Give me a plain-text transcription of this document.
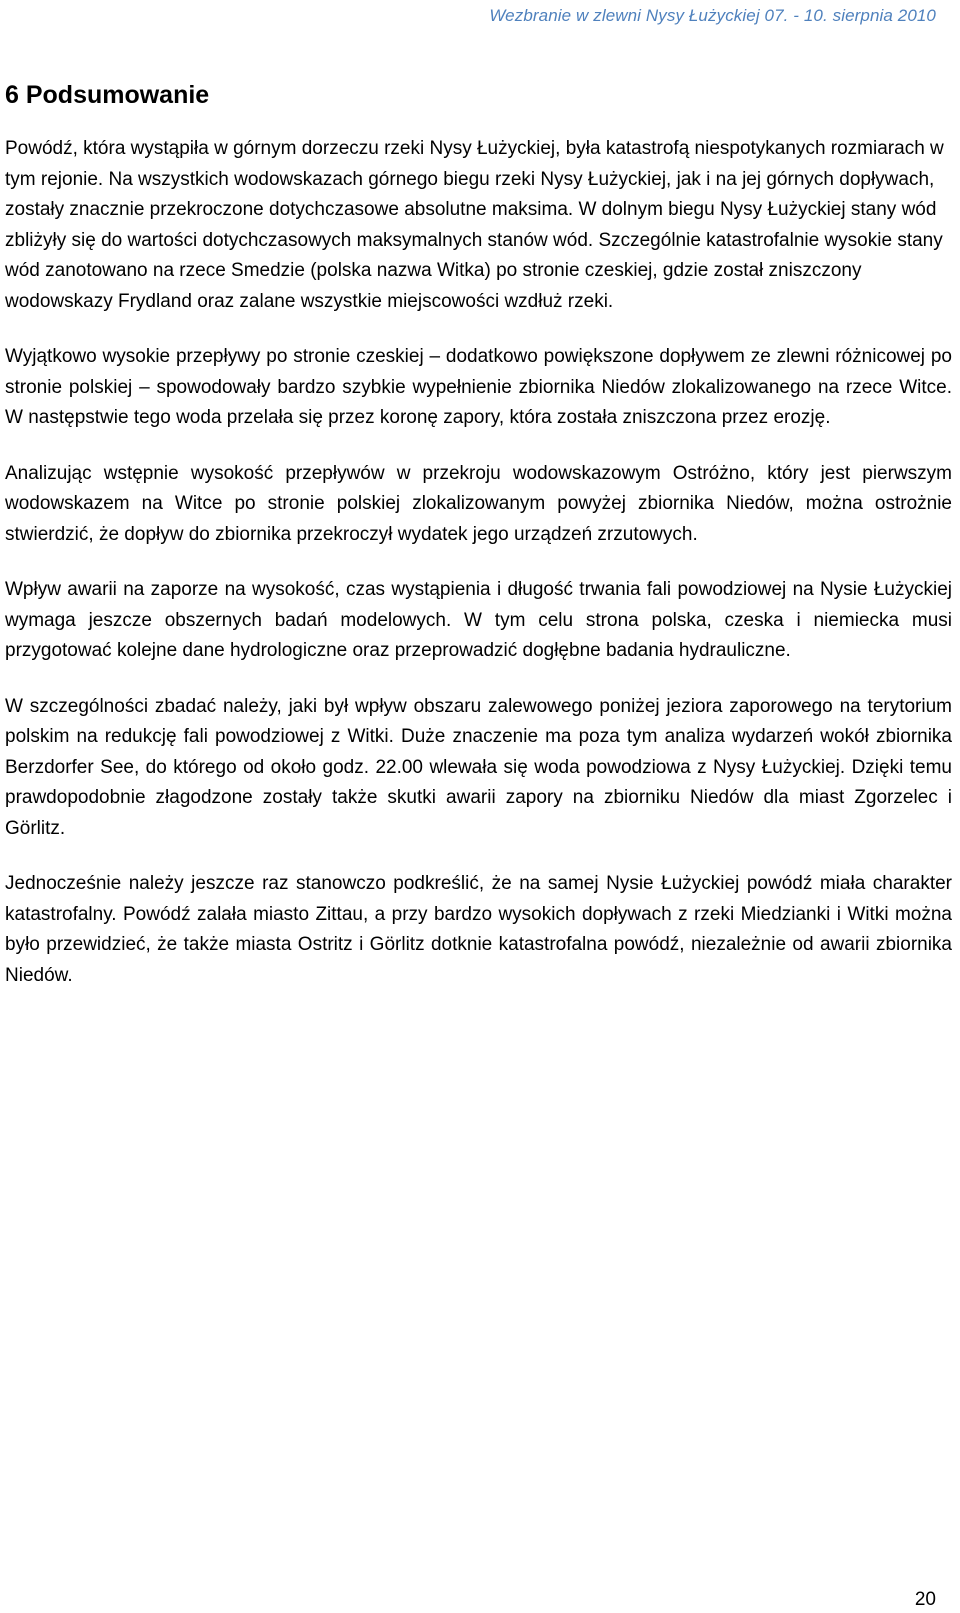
Wezbranie w zlewni Nysy Łużyckiej 07. - 10. sierpnia 2010
6 Podsumowanie

Powódź, która wystąpiła w górnym dorzeczu rzeki Nysy Łużyckiej, była katastrofą niespotykanych rozmiarach w tym rejonie. Na wszystkich wodowskazach górnego biegu rzeki Nysy Łużyckiej, jak i na jej górnych dopływach, zostały znacznie przekroczone dotychczasowe absolutne maksima. W dolnym biegu Nysy Łużyckiej stany wód zbliżyły się do wartości dotychczasowych maksymalnych stanów wód. Szczególnie katastrofalnie wysokie stany wód zanotowano na rzece Smedzie (polska nazwa Witka) po stronie czeskiej, gdzie został zniszczony wodowskazy Frydland oraz zalane wszystkie miejscowości wzdłuż rzeki.

Wyjątkowo wysokie przepływy po stronie czeskiej – dodatkowo powiększone dopływem ze zlewni różnicowej po stronie polskiej – spowodowały bardzo szybkie wypełnienie zbiornika Niedów zlokalizowanego na rzece Witce. W następstwie tego woda przelała się przez koronę zapory, która została zniszczona przez erozję.

Analizując wstępnie wysokość przepływów w przekroju wodowskazowym Ostróżno, który jest pierwszym wodowskazem na Witce po stronie polskiej zlokalizowanym powyżej zbiornika Niedów, można ostrożnie stwierdzić, że dopływ do zbiornika przekroczył wydatek jego urządzeń zrzutowych.

Wpływ awarii na zaporze na wysokość, czas wystąpienia i długość trwania fali powodziowej na Nysie Łużyckiej wymaga jeszcze obszernych badań modelowych. W tym celu strona polska, czeska i niemiecka musi przygotować kolejne dane hydrologiczne oraz przeprowadzić dogłębne badania hydrauliczne.

W szczególności zbadać należy, jaki był wpływ obszaru zalewowego poniżej jeziora zaporowego na terytorium polskim na redukcję fali powodziowej z Witki. Duże znaczenie ma poza tym analiza wydarzeń wokół zbiornika Berzdorfer See, do którego od około godz. 22.00 wlewała się woda powodziowa z Nysy Łużyckiej. Dzięki temu prawdopodobnie złagodzone zostały także skutki awarii zapory na zbiorniku Niedów dla miast Zgorzelec i Görlitz.

Jednocześnie należy jeszcze raz stanowczo podkreślić, że na samej Nysie Łużyckiej powódź miała charakter katastrofalny. Powódź zalała miasto Zittau, a przy bardzo wysokich dopływach z rzeki Miedzianki i Witki można było przewidzieć, że także miasta Ostritz i Görlitz dotknie katastrofalna powódź, niezależnie od awarii zbiornika Niedów.

20
